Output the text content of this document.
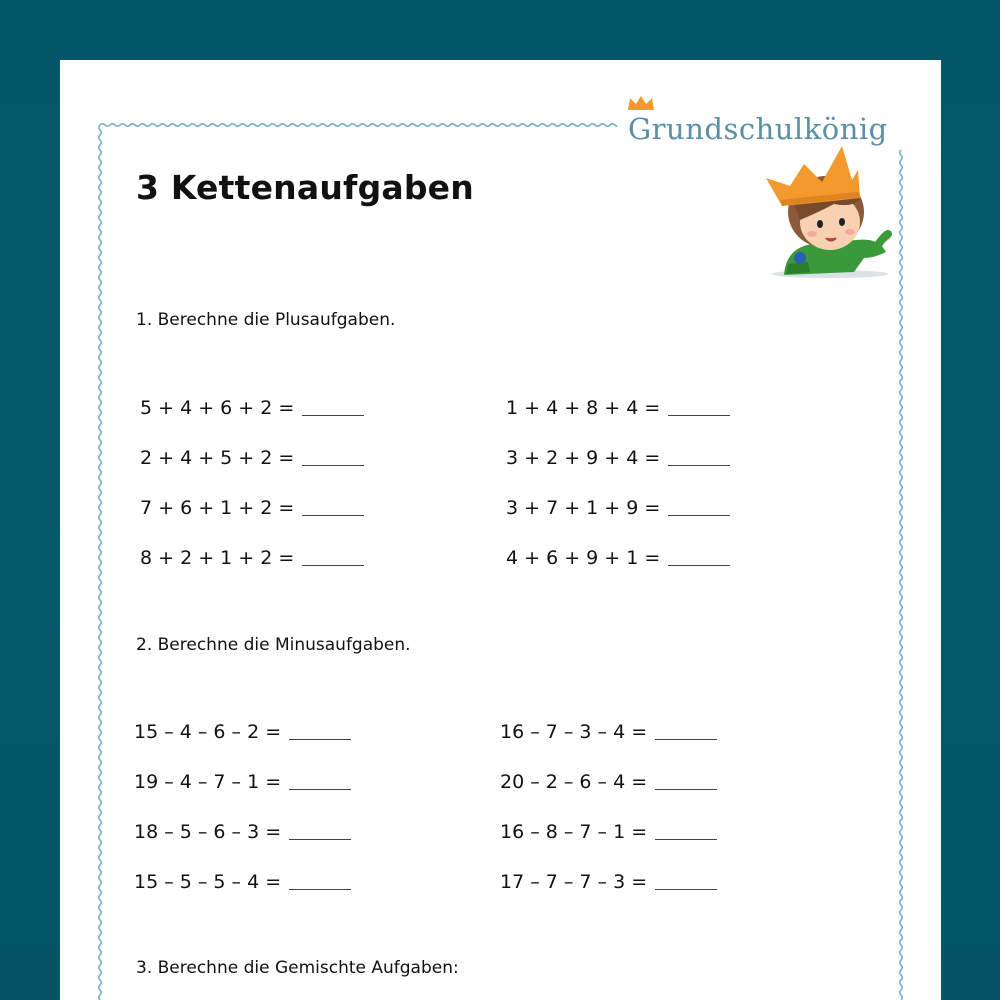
Grundschulkönig
3 Kettenaufgaben

1. Berechne die Plusaufgaben.

5 + 4 + 6 + 2 =
2 + 4 + 5 + 2 =
7 + 6 + 1 + 2 =
8 + 2 + 1 + 2 =
1 + 4 + 8 + 4 =
3 + 2 + 9 + 4 =
3 + 7 + 1 + 9 =
4 + 6 + 9 + 1 =

2. Berechne die Minusaufgaben.

15 – 4 – 6 – 2 =
19 – 4 – 7 – 1 =
18 – 5 – 6 – 3 =
15 – 5 – 5 – 4 =
16 – 7 – 3 – 4 =
20 – 2 – 6 – 4 =
16 – 8 – 7 – 1 =
17 – 7 – 7 – 3 =

3. Berechne die Gemischte Aufgaben:
